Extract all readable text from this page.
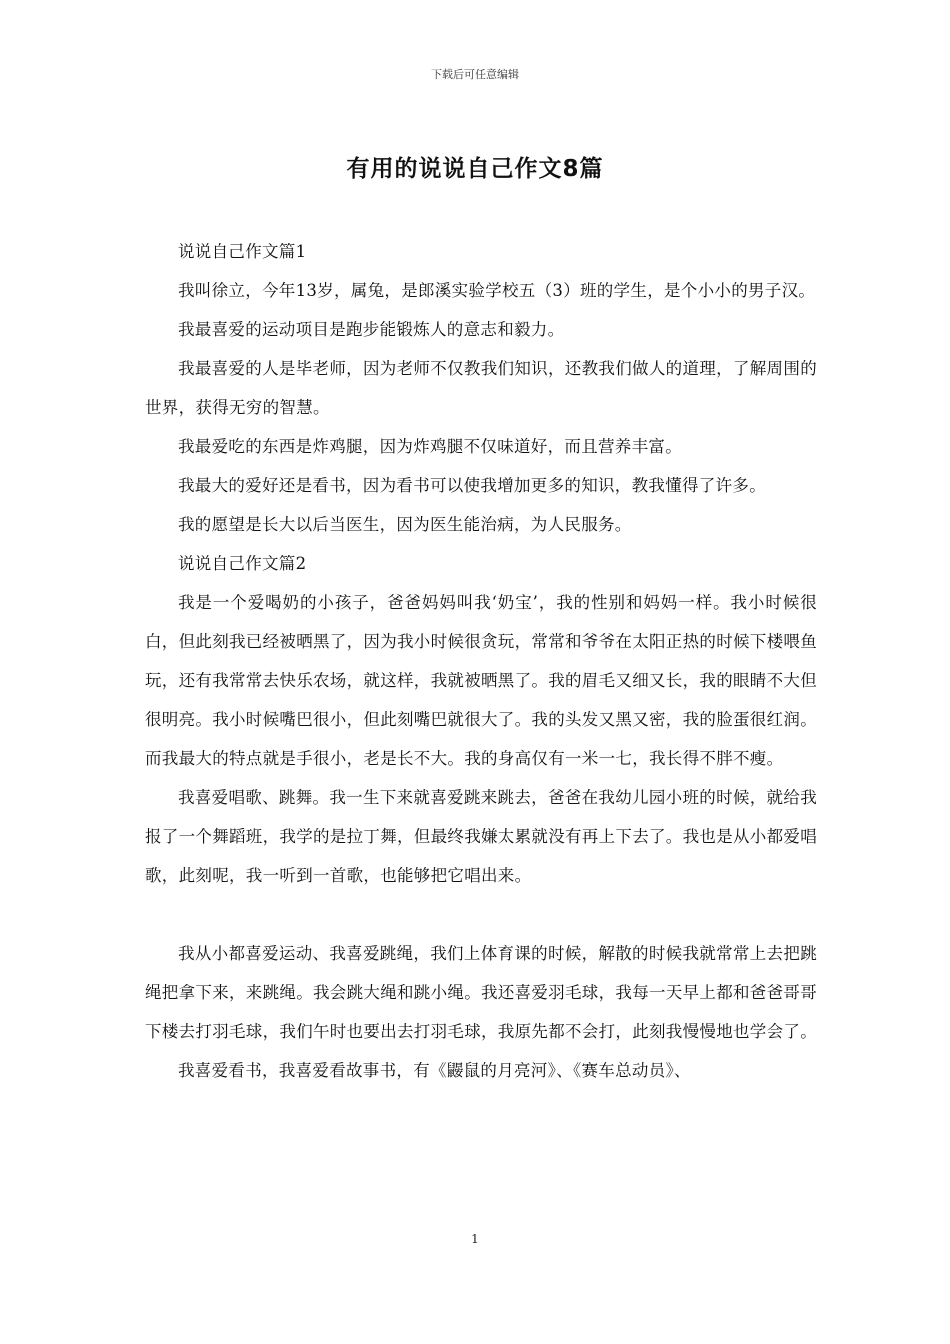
下载后可任意编辑
有用的说说自己作文8篇

说说自己作文篇1

我叫徐立，今年13岁，属兔，是郎溪实验学校五（3）班的学生，是个小小的男子汉。

我最喜爱的运动项目是跑步能锻炼人的意志和毅力。

我最喜爱的人是毕老师，因为老师不仅教我们知识，还教我们做人的道理，了解周围的世界，获得无穷的智慧。

我最爱吃的东西是炸鸡腿，因为炸鸡腿不仅味道好，而且营养丰富。

我最大的爱好还是看书，因为看书可以使我增加更多的知识，教我懂得了许多。

我的愿望是长大以后当医生，因为医生能治病，为人民服务。

说说自己作文篇2

我是一个爱喝奶的小孩子，爸爸妈妈叫我‘奶宝’，我的性别和妈妈一样。我小时候很白，但此刻我已经被晒黑了，因为我小时候很贪玩，常常和爷爷在太阳正热的时候下楼喂鱼玩，还有我常常去快乐农场，就这样，我就被晒黑了。我的眉毛又细又长，我的眼睛不大但很明亮。我小时候嘴巴很小，但此刻嘴巴就很大了。我的头发又黑又密，我的脸蛋很红润。而我最大的特点就是手很小，老是长不大。我的身高仅有一米一七，我长得不胖不瘦。

我喜爱唱歌、跳舞。我一生下来就喜爱跳来跳去，爸爸在我幼儿园小班的时候，就给我报了一个舞蹈班，我学的是拉丁舞，但最终我嫌太累就没有再上下去了。我也是从小都爱唱歌，此刻呢，我一听到一首歌，也能够把它唱出来。

我从小都喜爱运动、我喜爱跳绳，我们上体育课的时候，解散的时候我就常常上去把跳绳把拿下来，来跳绳。我会跳大绳和跳小绳。我还喜爱羽毛球，我每一天早上都和爸爸哥哥下楼去打羽毛球，我们午时也要出去打羽毛球，我原先都不会打，此刻我慢慢地也学会了。

我喜爱看书，我喜爱看故事书，有《鼹鼠的月亮河》、《赛车总动员》、

1
